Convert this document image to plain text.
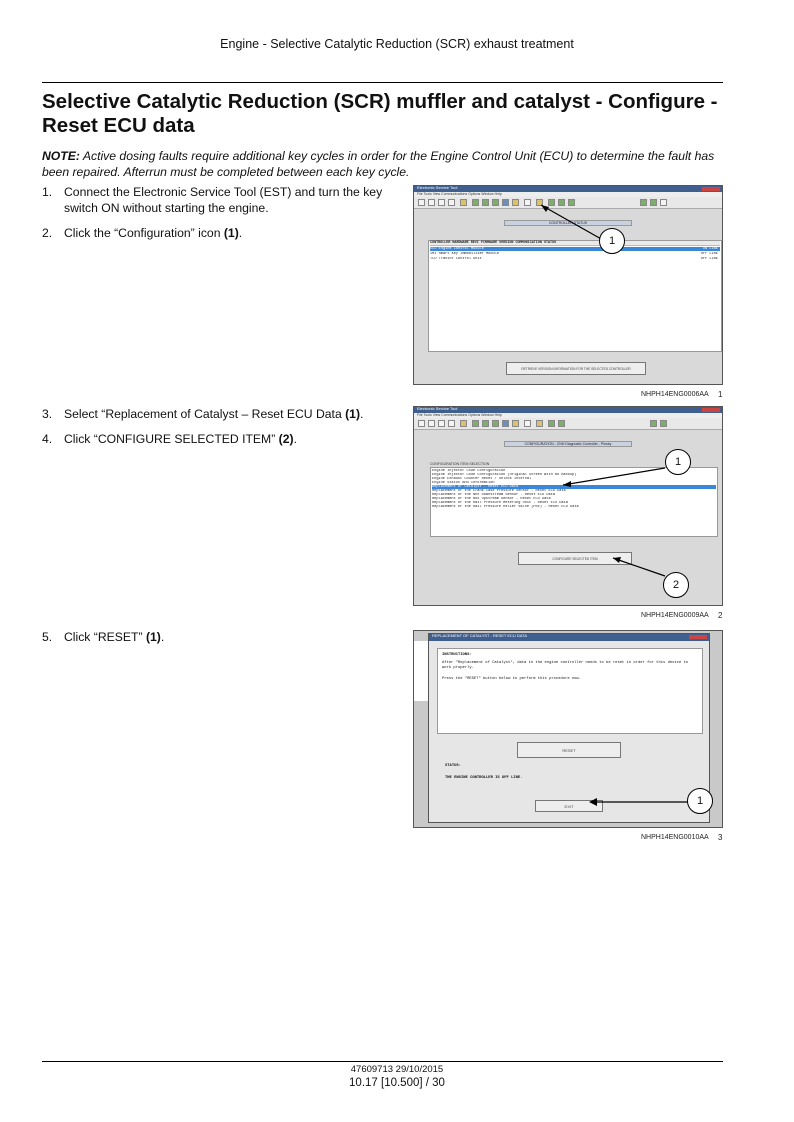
Engine - Selective Catalytic Reduction (SCR) exhaust treatment
Selective Catalytic Reduction (SCR) muffler and catalyst - Configure - Reset ECU data

NOTE: Active dosing faults require additional key cycles in order for the Engine Control Unit (ECU) to determine the fault has been repaired. Afterrun must be completed between each key cycle.

1. Connect the Electronic Service Tool (EST) and turn the key switch ON without starting the engine.
2. Click the “Configuration” icon (1).
3. Select “Replacement of Catalyst – Reset ECU Data (1).
4. Click “CONFIGURE SELECTED ITEM” (2).
5. Click “RESET” (1).
Electronic Service Tool
File Tools View Communications Options Window Help
CONTROLLER STATUS
CONTROLLER HARDWARE REVI FIRMWARE VERSION COMMUNICATION STATUS
ECU Engine Control Module	ON LINE
IMI Smart Key Immobilizer Module	OFF LINE
TCU Tractor Control Unit	OFF LINE
RETRIEVE VERSION INFORMATION FOR THE SELECTED CONTROLLER
1
NHPH14ENG0006AA 1
Electronic Service Tool
File Tools View Communications Options Window Help
CONFIGURATION - CNH Diagnostic Controller - Pinsey
CONFIGURATION ITEM SELECTION
Engine Injector Code Configuration
Engine Injector Code Configuration (Original Screen With No Backup)
Engine Exhaust Counter Reset / Unlock Interval
Engine Status And Information
Replacement of Catalyst - Reset ECU Data
Replacement of the Crank Case Pressure Sensor - Reset ECU Data
Replacement of the NOx Downstream Sensor - Reset ECU Data
Replacement of the NOx Upstream Sensor - Reset ECU Data
Replacement of the Rail Pressure Metering Unit - Reset ECU Data
Replacement of the Rail Pressure Relief Valve (PRV) - Reset ECU Data
CONFIGURE SELECTED ITEM
1
2
NHPH14ENG0009AA 2
REPLACEMENT OF CATALYST - RESET ECU DATA
INSTRUCTIONS:
After "Replacement of Catalyst", data in the engine controller needs to be reset in order for this device to work properly.
Press the "RESET" button below to perform this procedure now.
RESET
STATUS:
THE ENGINE CONTROLLER IS OFF LINE.
EXIT	1
NHPH14ENG0010AA 3
47609713 29/10/2015
10.17 [10.500] / 30
